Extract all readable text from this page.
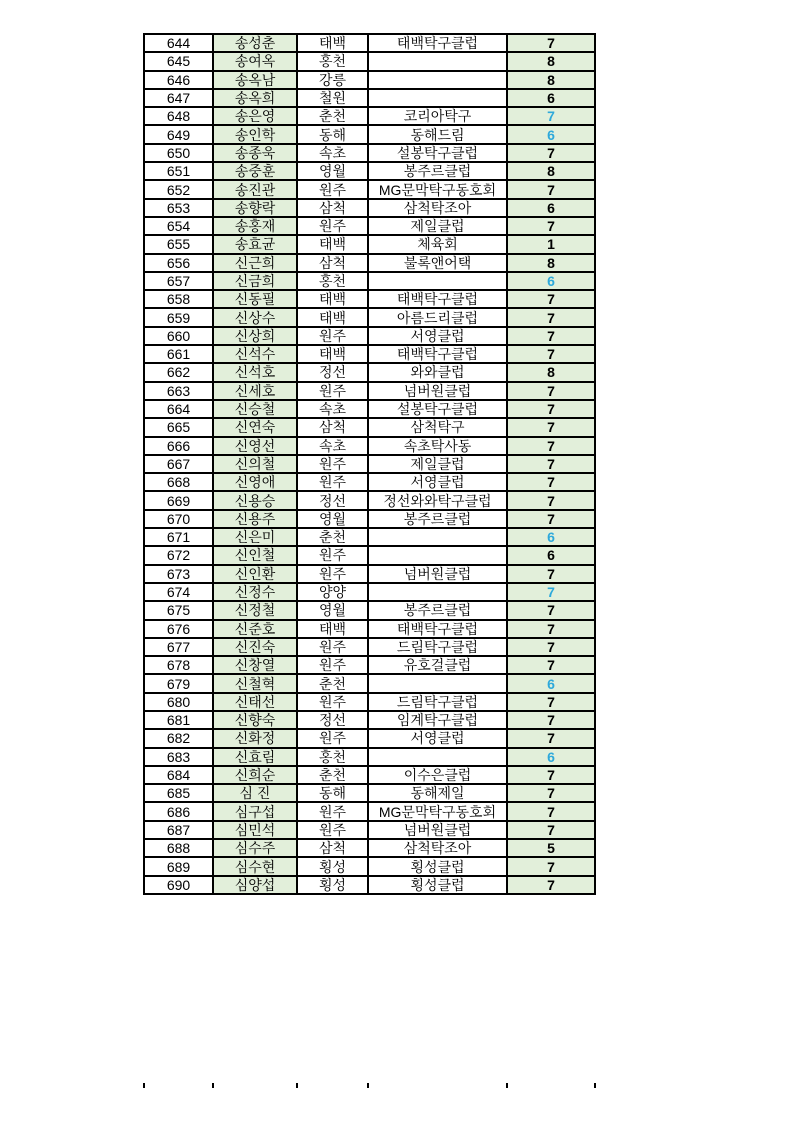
644	송성춘	태백	태백탁구클럽	7
645	송여옥	홍천		8
646	송옥남	강릉		8
647	송옥희	철원		6
648	송은영	춘천	코리아탁구	7
649	송인학	동해	동해드림	6
650	송종욱	속초	설봉탁구클럽	7
651	송중훈	영월	봉주르클럽	8
652	송진관	원주	MG문막탁구동호회	7
653	송향락	삼척	삼척탁조아	6
654	송홍재	원주	제일클럽	7
655	송효균	태백	체육회	1
656	신근희	삼척	불록앤어택	8
657	신금희	홍천		6
658	신동필	태백	태백탁구클럽	7
659	신상수	태백	아름드리클럽	7
660	신상희	원주	서영클럽	7
661	신석수	태백	태백탁구클럽	7
662	신석호	정선	와와클럽	8
663	신세호	원주	넘버원클럽	7
664	신승철	속초	설봉탁구클럽	7
665	신연숙	삼척	삼척탁구	7
666	신영선	속초	속초탁사동	7
667	신의철	원주	제일클럽	7
668	신영애	원주	서영클럽	7
669	신용승	정선	정선와와탁구클럽	7
670	신용주	영월	봉주르클럽	7
671	신은미	춘천		6
672	신인철	원주		6
673	신인환	원주	넘버원클럽	7
674	신정수	양양		7
675	신정철	영월	봉주르클럽	7
676	신준호	태백	태백탁구클럽	7
677	신진숙	원주	드림탁구클럽	7
678	신창열	원주	유호걸클럽	7
679	신철혁	춘천		6
680	신태선	원주	드림탁구클럽	7
681	신향숙	정선	임계탁구클럽	7
682	신화정	원주	서영클럽	7
683	신효림	홍천		6
684	신희순	춘천	이수은클럽	7
685	심 진	동해	동해제일	7
686	심구섭	원주	MG문막탁구동호회	7
687	심민석	원주	넘버원클럽	7
688	심수주	삼척	삼척탁조아	5
689	심수현	횡성	횡성클럽	7
690	심양섭	횡성	횡성클럽	7
